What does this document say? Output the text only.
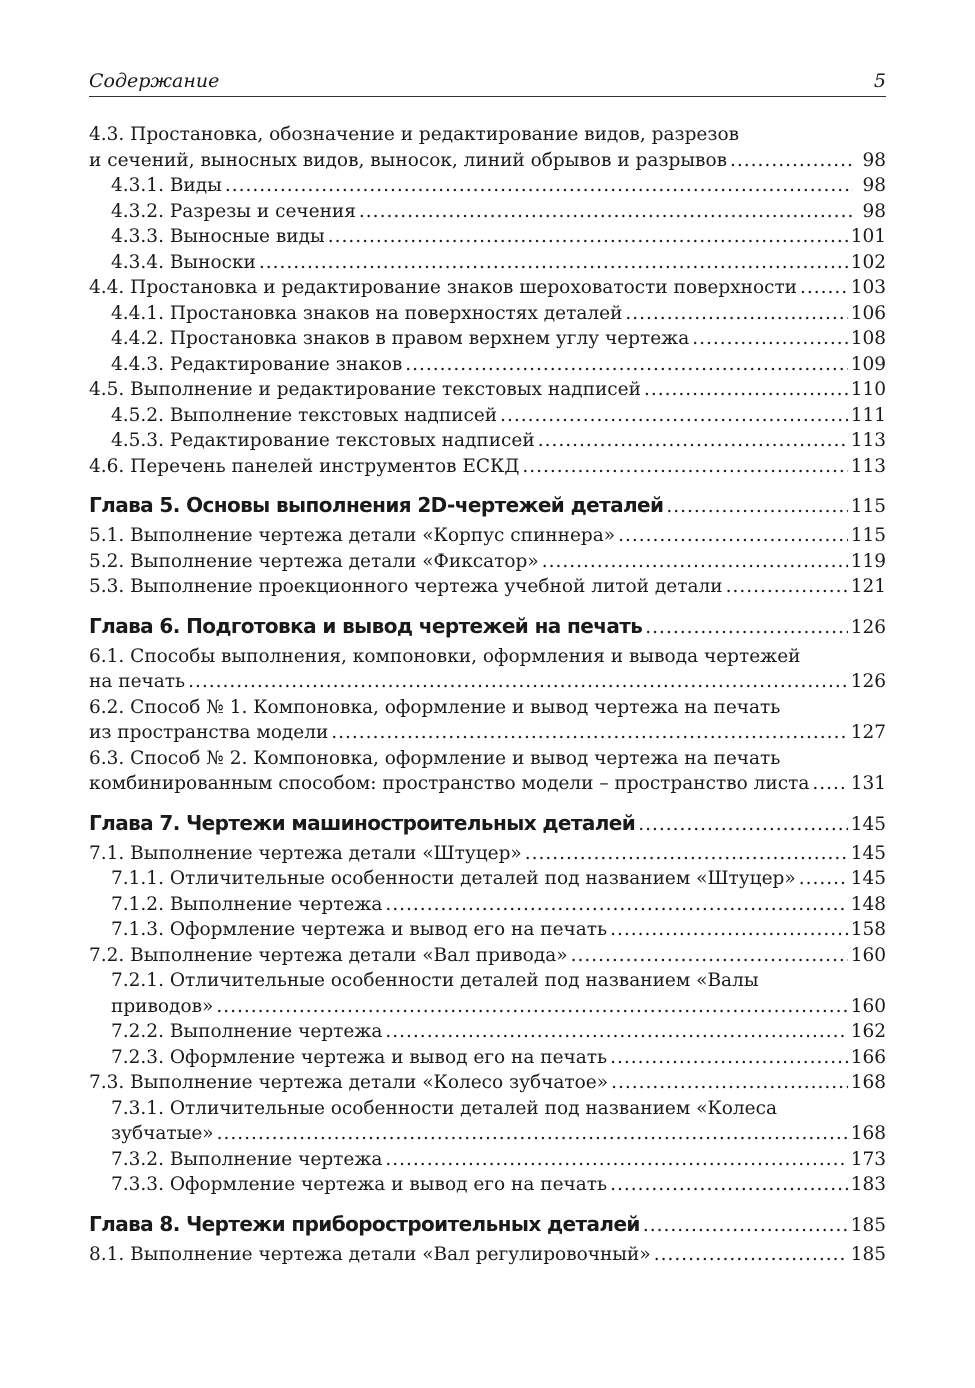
Содержание	5
4.3. Простановка, обозначение и редактирование видов, разрезов
и сечений, выносных видов, выносок, линий обрывов и разрывов .....	98
4.3.1. Виды .....	98
4.3.2. Разрезы и сечения .....	98
4.3.3. Выносные виды .....	101
4.3.4. Выноски .....	102
4.4. Простановка и редактирование знаков шероховатости поверхности .....	103
4.4.1. Простановка знаков на поверхностях деталей .....	106
4.4.2. Простановка знаков в правом верхнем углу чертежа .....	108
4.4.3. Редактирование знаков .....	109
4.5. Выполнение и редактирование текстовых надписей .....	110
4.5.2. Выполнение текстовых надписей .....	111
4.5.3. Редактирование текстовых надписей .....	113
4.6. Перечень панелей инструментов ЕСКД .....	113
Глава 5. Основы выполнения 2D-чертежей деталей .....	115
5.1. Выполнение чертежа детали «Корпус спиннера» .....	115
5.2. Выполнение чертежа детали «Фиксатор» .....	119
5.3. Выполнение проекционного чертежа учебной литой детали .....	121
Глава 6. Подготовка и вывод чертежей на печать .....	126
6.1. Способы выполнения, компоновки, оформления и вывода чертежей
на печать .....	126
6.2. Способ № 1. Компоновка, оформление и вывод чертежа на печать
из пространства модели .....	127
6.3. Способ № 2. Компоновка, оформление и вывод чертежа на печать
комбинированным способом: пространство модели – пространство листа ..... 131
Глава 7. Чертежи машиностроительных деталей .....	145
7.1. Выполнение чертежа детали «Штуцер» .....	145
7.1.1. Отличительные особенности деталей под названием «Штуцер» .....	145
7.1.2. Выполнение чертежа .....	148
7.1.3. Оформление чертежа и вывод его на печать .....	158
7.2. Выполнение чертежа детали «Вал привода» .....	160
7.2.1. Отличительные особенности деталей под названием «Валы
приводов» .....	160
7.2.2. Выполнение чертежа .....	162
7.2.3. Оформление чертежа и вывод его на печать .....	166
7.3. Выполнение чертежа детали «Колесо зубчатое» .....	168
7.3.1. Отличительные особенности деталей под названием «Колеса
зубчатые» .....	168
7.3.2. Выполнение чертежа .....	173
7.3.3. Оформление чертежа и вывод его на печать .....	183
Глава 8. Чертежи приборостроительных деталей .....	185
8.1. Выполнение чертежа детали «Вал регулировочный» .....	185
